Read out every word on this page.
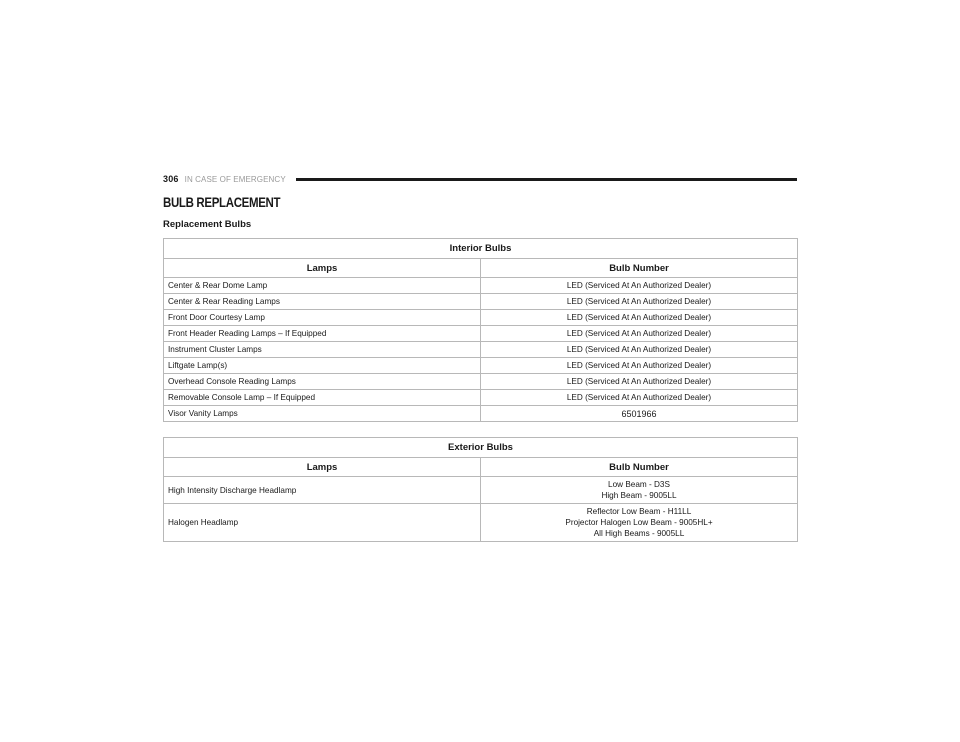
306 IN CASE OF EMERGENCY
BULB REPLACEMENT
Replacement Bulbs
Interior Bulbs	
Lamps	Bulb Number
Center & Rear Dome Lamp	LED (Serviced At An Authorized Dealer)
Center & Rear Reading Lamps	LED (Serviced At An Authorized Dealer)
Front Door Courtesy Lamp	LED (Serviced At An Authorized Dealer)
Front Header Reading Lamps – If Equipped	LED (Serviced At An Authorized Dealer)
Instrument Cluster Lamps	LED (Serviced At An Authorized Dealer)
Liftgate Lamp(s)	LED (Serviced At An Authorized Dealer)
Overhead Console Reading Lamps	LED (Serviced At An Authorized Dealer)
Removable Console Lamp – If Equipped	LED (Serviced At An Authorized Dealer)
Visor Vanity Lamps	6501966
Exterior Bulbs	
Lamps	Bulb Number
High Intensity Discharge Headlamp	Low Beam - D3S
High Beam - 9005LL

Halogen Headlamp	Reflector Low Beam - H11LL
Projector Halogen Low Beam - 9005HL+
All High Beams - 9005LL
